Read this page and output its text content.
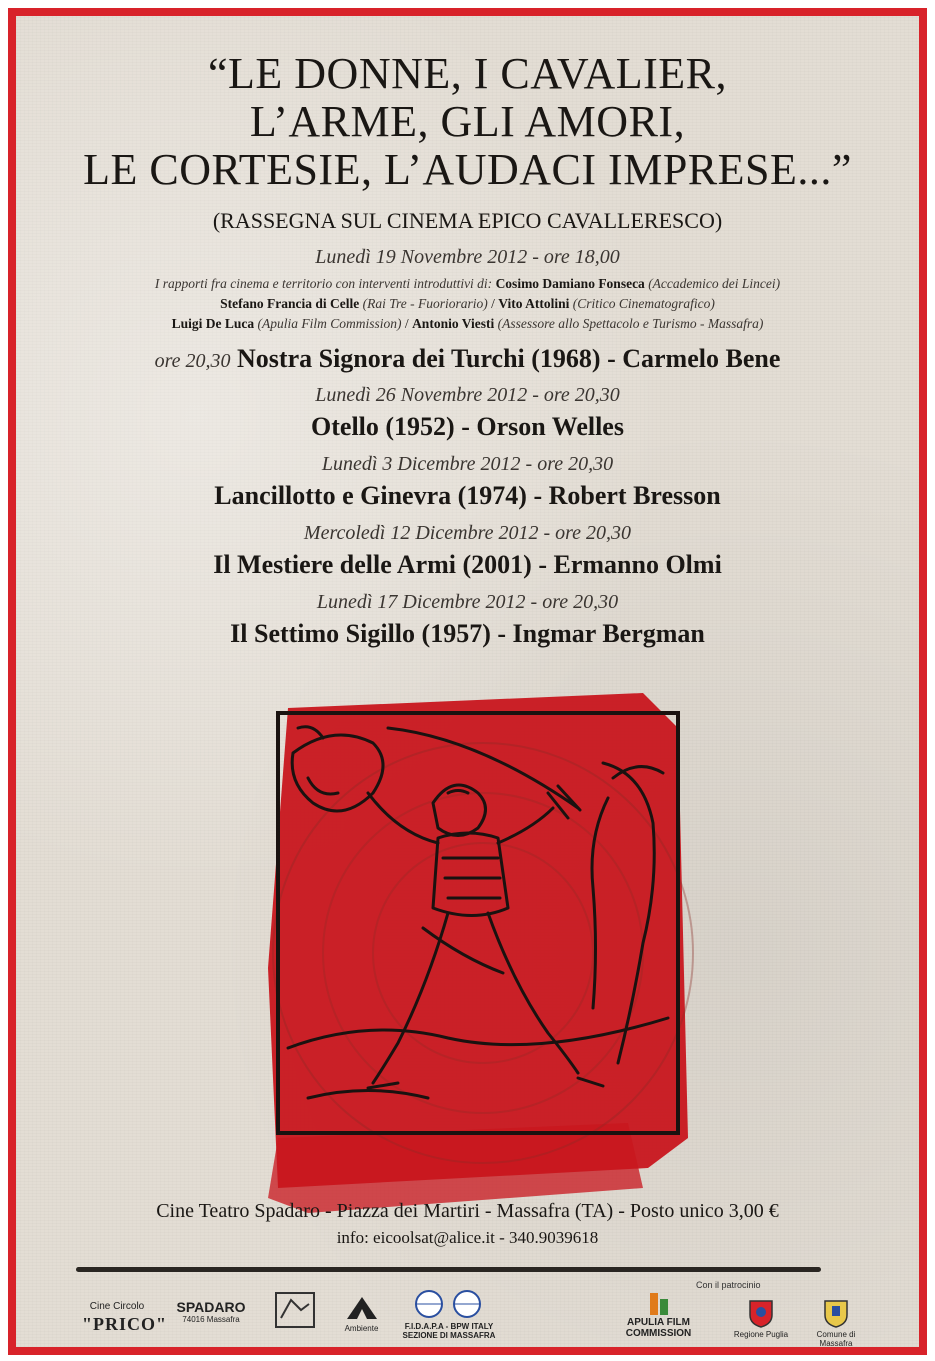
“LE DONNE, I CAVALIER,
L’ARME, GLI AMORI,
LE CORTESIE, L’AUDACI IMPRESE...”
(RASSEGNA SUL CINEMA EPICO CAVALLERESCO)
Lunedì 19 Novembre 2012 - ore 18,00
I rapporti fra cinema e territorio con interventi introduttivi di: Cosimo Damiano Fonseca (Accademico dei Lincei)
Stefano Francia di Celle (Rai Tre - Fuoriorario) / Vito Attolini (Critico Cinematografico)
Luigi De Luca (Apulia Film Commission) / Antonio Viesti (Assessore allo Spettacolo e Turismo - Massafra)
ore 20,30 Nostra Signora dei Turchi (1968) - Carmelo Bene
Lunedì 26 Novembre 2012 - ore 20,30
Otello (1952) - Orson Welles
Lunedì 3 Dicembre 2012 - ore 20,30
Lancillotto e Ginevra (1974) - Robert Bresson
Mercoledì 12 Dicembre 2012 - ore 20,30
Il Mestiere delle Armi (2001) - Ermanno Olmi
Lunedì 17 Dicembre 2012 - ore 20,30
Il Settimo Sigillo (1957) - Ingmar Bergman
Cine Teatro Spadaro - Piazza dei Martiri - Massafra (TA) - Posto unico 3,00 €
info: eicoolsat@alice.it - 340.9039618
Cine Circolo
"PRICO"
SPADARO
74016 Massafra
Ambiente	F.I.D.A.P.A - BPW ITALY
SEZIONE DI MASSAFRA
Con il patrocinio
APULIA FILM COMMISSION	Regione Puglia	Comune di Massafra
